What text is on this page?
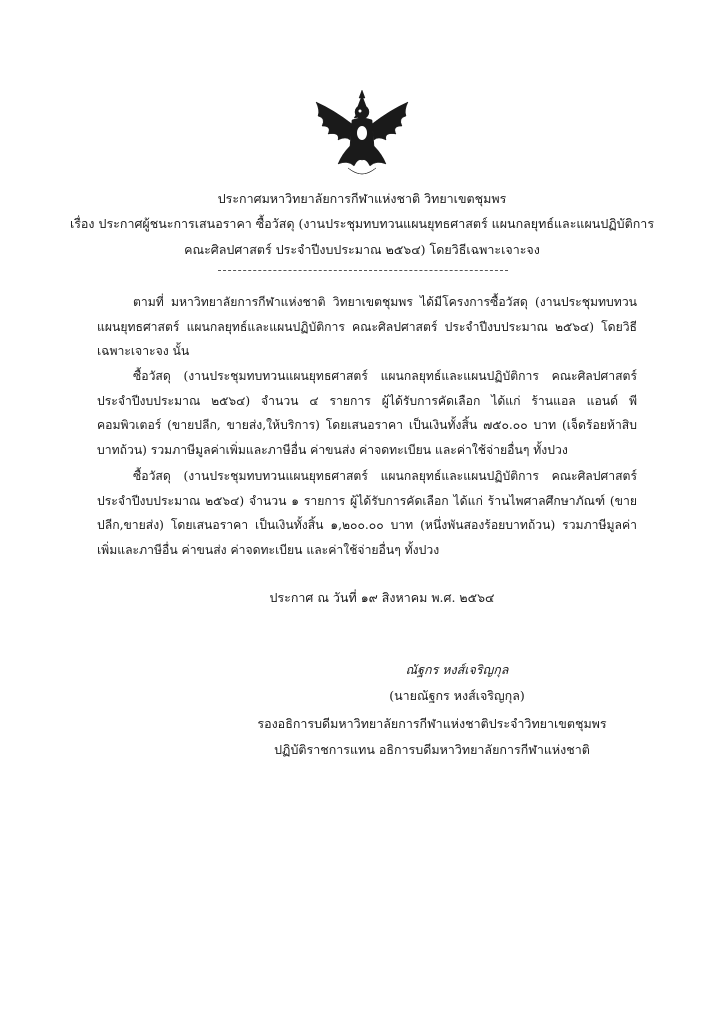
ประกาศมหาวิทยาลัยการกีฬาแห่งชาติ วิทยาเขตชุมพร
เรื่อง ประกาศผู้ชนะการเสนอราคา ซื้อวัสดุ (งานประชุมทบทวนแผนยุทธศาสตร์ แผนกลยุทธ์และแผนปฏิบัติการ
คณะศิลปศาสตร์ ประจำปีงบประมาณ ๒๕๖๔) โดยวิธีเฉพาะเจาะจง

ตามที่ มหาวิทยาลัยการกีฬาแห่งชาติ วิทยาเขตชุมพร ได้มีโครงการซื้อวัสดุ (งานประชุมทบทวนแผนยุทธศาสตร์ แผนกลยุทธ์และแผนปฏิบัติการ คณะศิลปศาสตร์ ประจำปีงบประมาณ ๒๕๖๔) โดยวิธีเฉพาะเจาะจง นั้น

ซื้อวัสดุ (งานประชุมทบทวนแผนยุทธศาสตร์ แผนกลยุทธ์และแผนปฏิบัติการ คณะศิลปศาสตร์ ประจำปีงบประมาณ ๒๕๖๔) จำนวน ๔ รายการ ผู้ได้รับการคัดเลือก ได้แก่ ร้านแอล แอนด์ พี คอมพิวเตอร์ (ขายปลีก, ขายส่ง,ให้บริการ) โดยเสนอราคา เป็นเงินทั้งสิ้น ๗๕๐.๐๐ บาท (เจ็ดร้อยห้าสิบบาทถ้วน) รวมภาษีมูลค่าเพิ่มและภาษีอื่น ค่าขนส่ง ค่าจดทะเบียน และค่าใช้จ่ายอื่นๆ ทั้งปวง

ซื้อวัสดุ (งานประชุมทบทวนแผนยุทธศาสตร์ แผนกลยุทธ์และแผนปฏิบัติการ คณะศิลปศาสตร์ ประจำปีงบประมาณ ๒๕๖๔) จำนวน ๑ รายการ ผู้ได้รับการคัดเลือก ได้แก่ ร้านไพศาลศึกษาภัณฑ์ (ขายปลีก,ขายส่ง) โดยเสนอราคา เป็นเงินทั้งสิ้น ๑,๒๐๐.๐๐ บาท (หนึ่งพันสองร้อยบาทถ้วน) รวมภาษีมูลค่าเพิ่มและภาษีอื่น ค่าขนส่ง ค่าจดทะเบียน และค่าใช้จ่ายอื่นๆ ทั้งปวง

ประกาศ ณ วันที่ ๑๙ สิงหาคม พ.ศ. ๒๕๖๔
ณัฐกร หงส์เจริญกุล
(นายณัฐกร หงส์เจริญกุล)
รองอธิการบดีมหาวิทยาลัยการกีฬาแห่งชาติประจำวิทยาเขตชุมพร
ปฏิบัติราชการแทน อธิการบดีมหาวิทยาลัยการกีฬาแห่งชาติ
